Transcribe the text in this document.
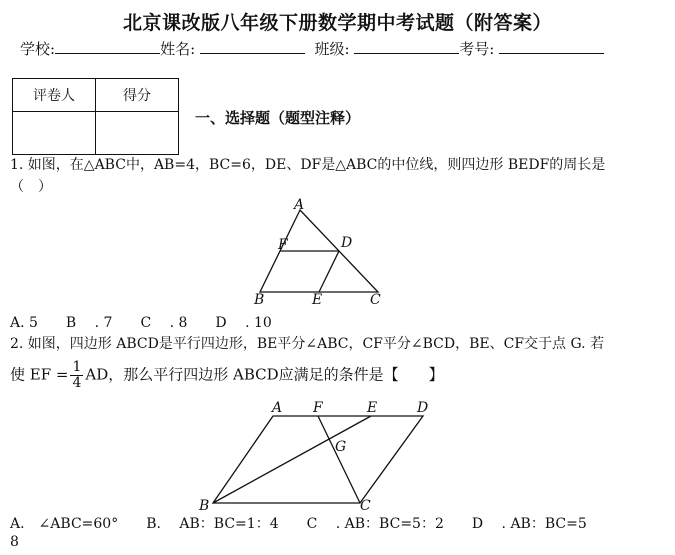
北京课改版八年级下册数学期中考试题（附答案）
学校:	姓名:	班级:	考号:
评卷人	得分

一、选择题（题型注释）
1. 如图，在△ABC中，AB=4，BC=6，DE、DF是△ABC的中位线，则四边形 BEDF的周长是
（　）
A
B	C
D
E
F
A. 5　　B　 . 7　　C　 . 8　　D　 . 10
2. 如图，四边形 ABCD是平行四边形，BE平分∠ABC，CF平分∠BCD，BE、CF交于点 G. 若
使 EF = $\frac{1}{4}$ AD，那么平行四边形 ABCD应满足的条件是【　　】
A
B	C
D
E
F
G
A.　∠ABC=60°　　B.　 AB：BC=1：4　　C　 . AB：BC=5：2　　D　 . AB：BC=5
8
